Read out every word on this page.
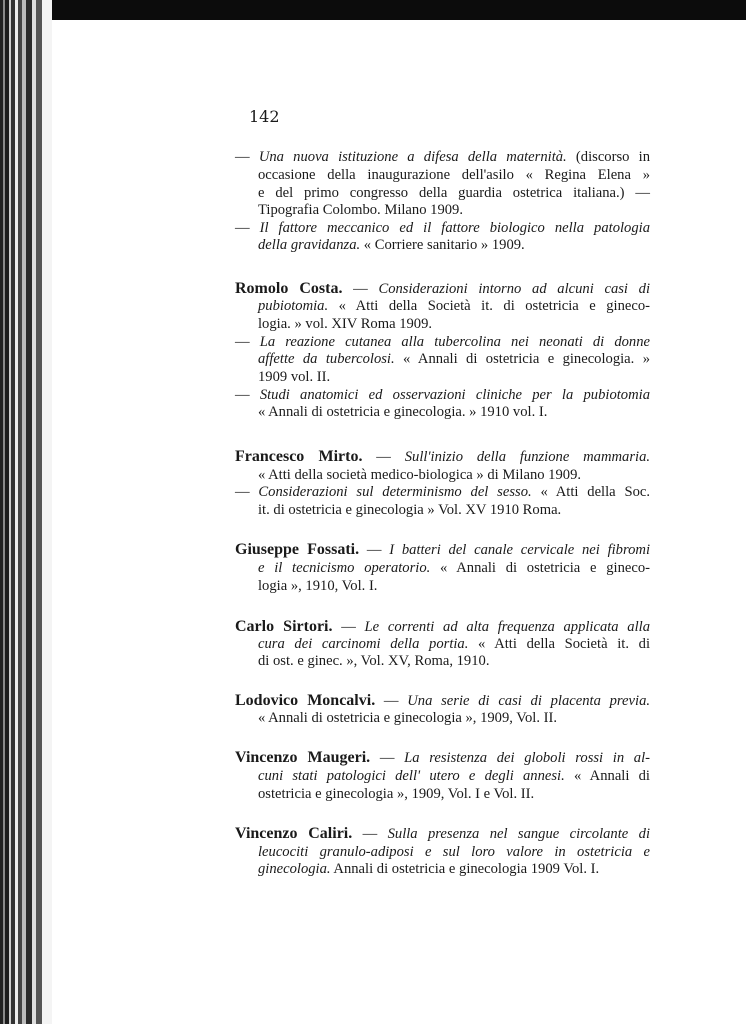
142
— Una nuova istituzione a difesa della maternità. (discorso in
occasione della inaugurazione dell'asilo « Regina Elena »
e del primo congresso della guardia ostetrica italiana.) —
Tipografia Colombo. Milano 1909.
— Il fattore meccanico ed il fattore biologico nella patologia
della gravidanza. « Corriere sanitario » 1909.
Romolo Costa. — Considerazioni intorno ad alcuni casi di
pubiotomia. « Atti della Società it. di ostetricia e gineco-
logia. » vol. XIV Roma 1909.
— La reazione cutanea alla tubercolina nei neonati di donne
affette da tubercolosi. « Annali di ostetricia e ginecologia. »
1909 vol. II.
— Studi anatomici ed osservazioni cliniche per la pubiotomia
« Annali di ostetricia e ginecologia. » 1910 vol. I.
Francesco Mirto. — Sull'inizio della funzione mammaria.
« Atti della società medico-biologica » di Milano 1909.
— Considerazioni sul determinismo del sesso. « Atti della Soc.
it. di ostetricia e ginecologia » Vol. XV 1910 Roma.
Giuseppe Fossati. — I batteri del canale cervicale nei fibromi
e il tecnicismo operatorio. « Annali di ostetricia e gineco-
logia », 1910, Vol. I.
Carlo Sirtori. — Le correnti ad alta frequenza applicata alla
cura dei carcinomi della portia. « Atti della Società it. di
di ost. e ginec. », Vol. XV, Roma, 1910.
Lodovico Moncalvi. — Una serie di casi di placenta previa.
« Annali di ostetricia e ginecologia », 1909, Vol. II.
Vincenzo Maugeri. — La resistenza dei globoli rossi in al-
cuni stati patologici dell' utero e degli annesi. « Annali di
ostetricia e ginecologia », 1909, Vol. I e Vol. II.
Vincenzo Caliri. — Sulla presenza nel sangue circolante di
leucociti granulo-adiposi e sul loro valore in ostetricia e
ginecologia. Annali di ostetricia e ginecologia 1909 Vol. I.
